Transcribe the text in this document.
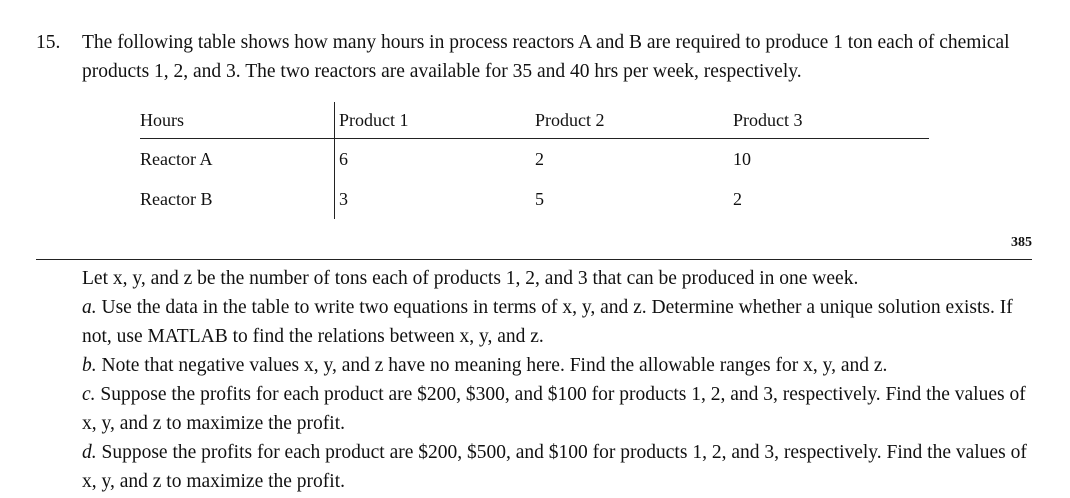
15. The following table shows how many hours in process reactors A and B are required to produce 1 ton each of chemical products 1, 2, and 3. The two reactors are available for 35 and 40 hrs per week, respectively.
Hours	Product 1	Product 2	Product 3
Reactor A	6	2	10
Reactor B	3	5	2
385

Let x, y, and z be the number of tons each of products 1, 2, and 3 that can be produced in one week.

a. Use the data in the table to write two equations in terms of x, y, and z. Determine whether a unique solution exists. If not, use MATLAB to find the relations between x, y, and z.

b. Note that negative values x, y, and z have no meaning here. Find the allowable ranges for x, y, and z.

c. Suppose the profits for each product are $200, $300, and $100 for products 1, 2, and 3, respectively. Find the values of x, y, and z to maximize the profit.

d. Suppose the profits for each product are $200, $500, and $100 for products 1, 2, and 3, respectively. Find the values of x, y, and z to maximize the profit.
